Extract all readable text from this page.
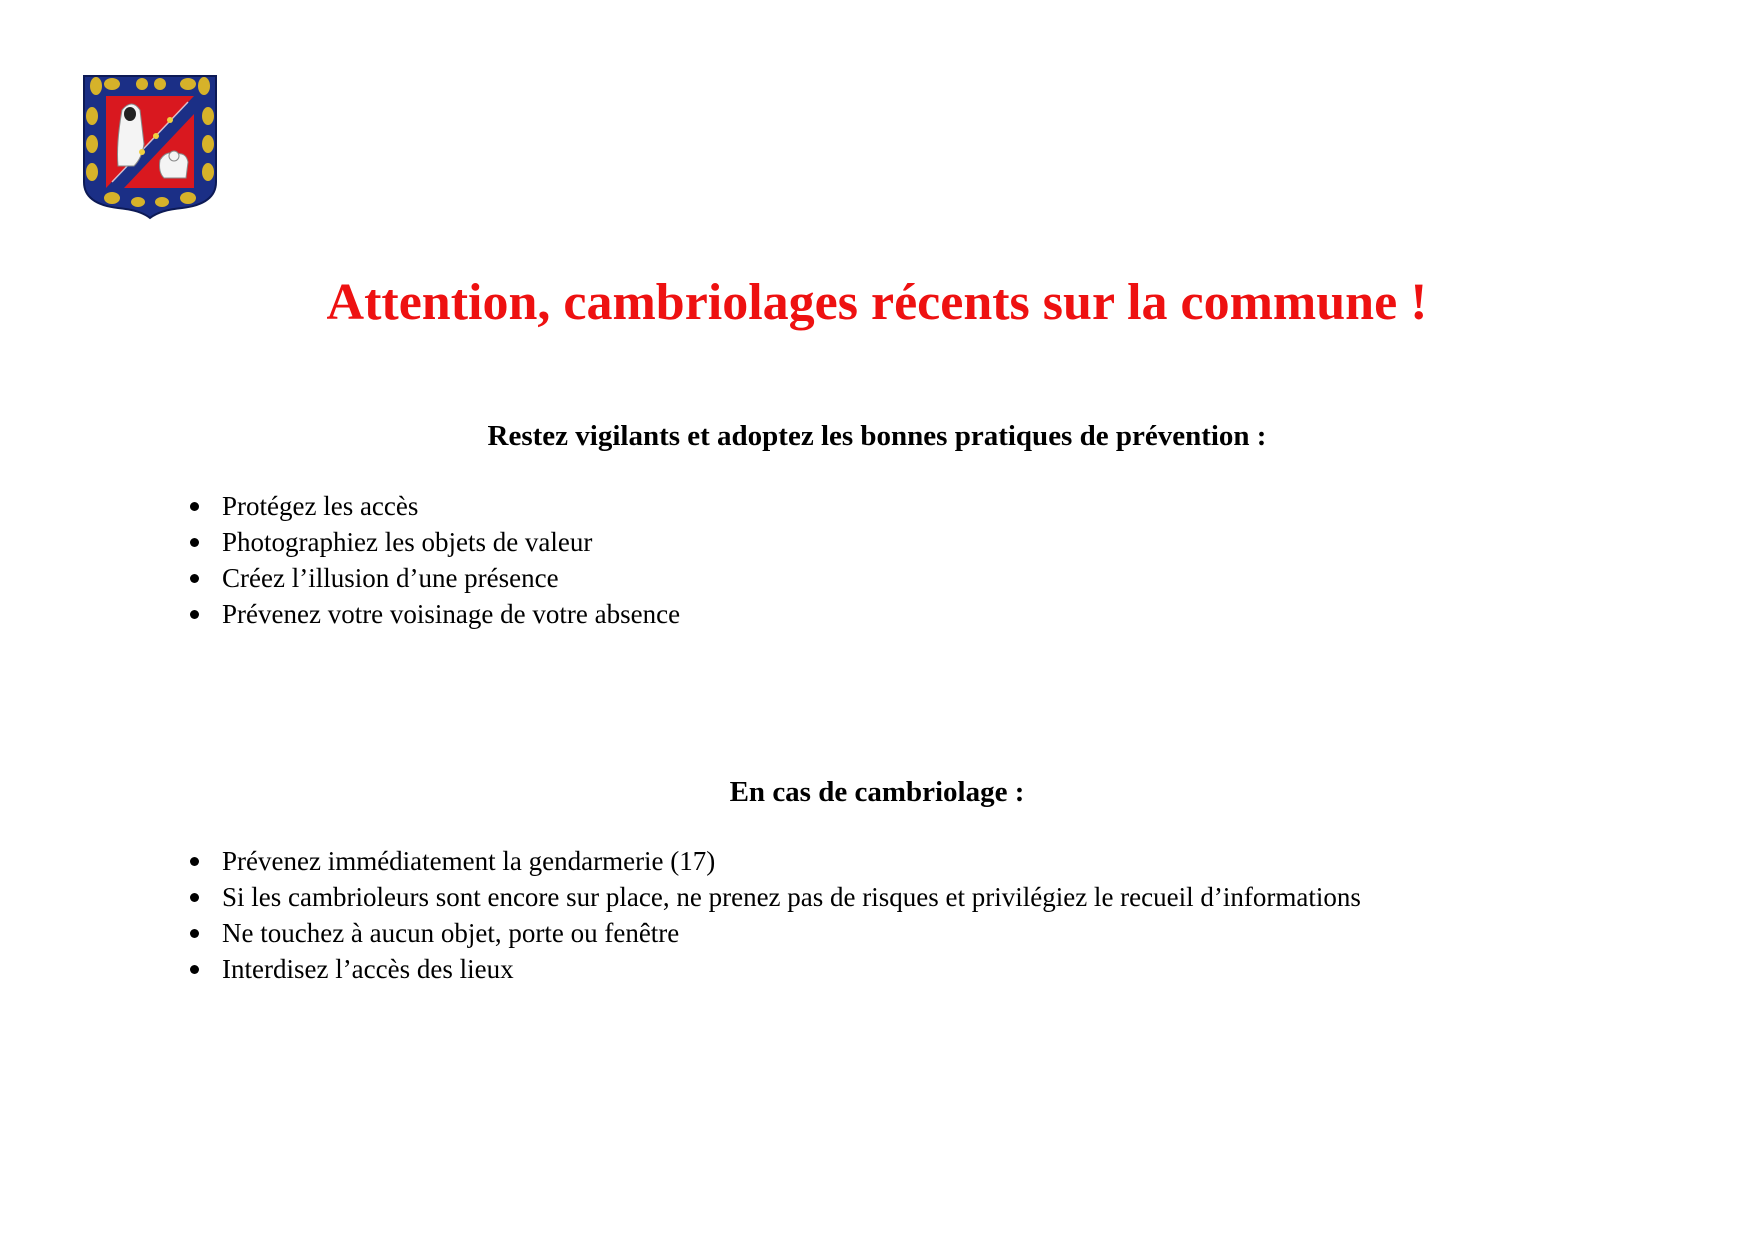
Attention, cambriolages récents sur la commune !
Restez vigilants et adoptez les bonnes pratiques de prévention :
Protégez les accès
Photographiez les objets de valeur
Créez l’illusion d’une présence
Prévenez votre voisinage de votre absence
En cas de cambriolage :
Prévenez immédiatement la gendarmerie (17)
Si les cambrioleurs sont encore sur place, ne prenez pas de risques et privilégiez le recueil d’informations
Ne touchez à aucun objet, porte ou fenêtre
Interdisez l’accès des lieux
